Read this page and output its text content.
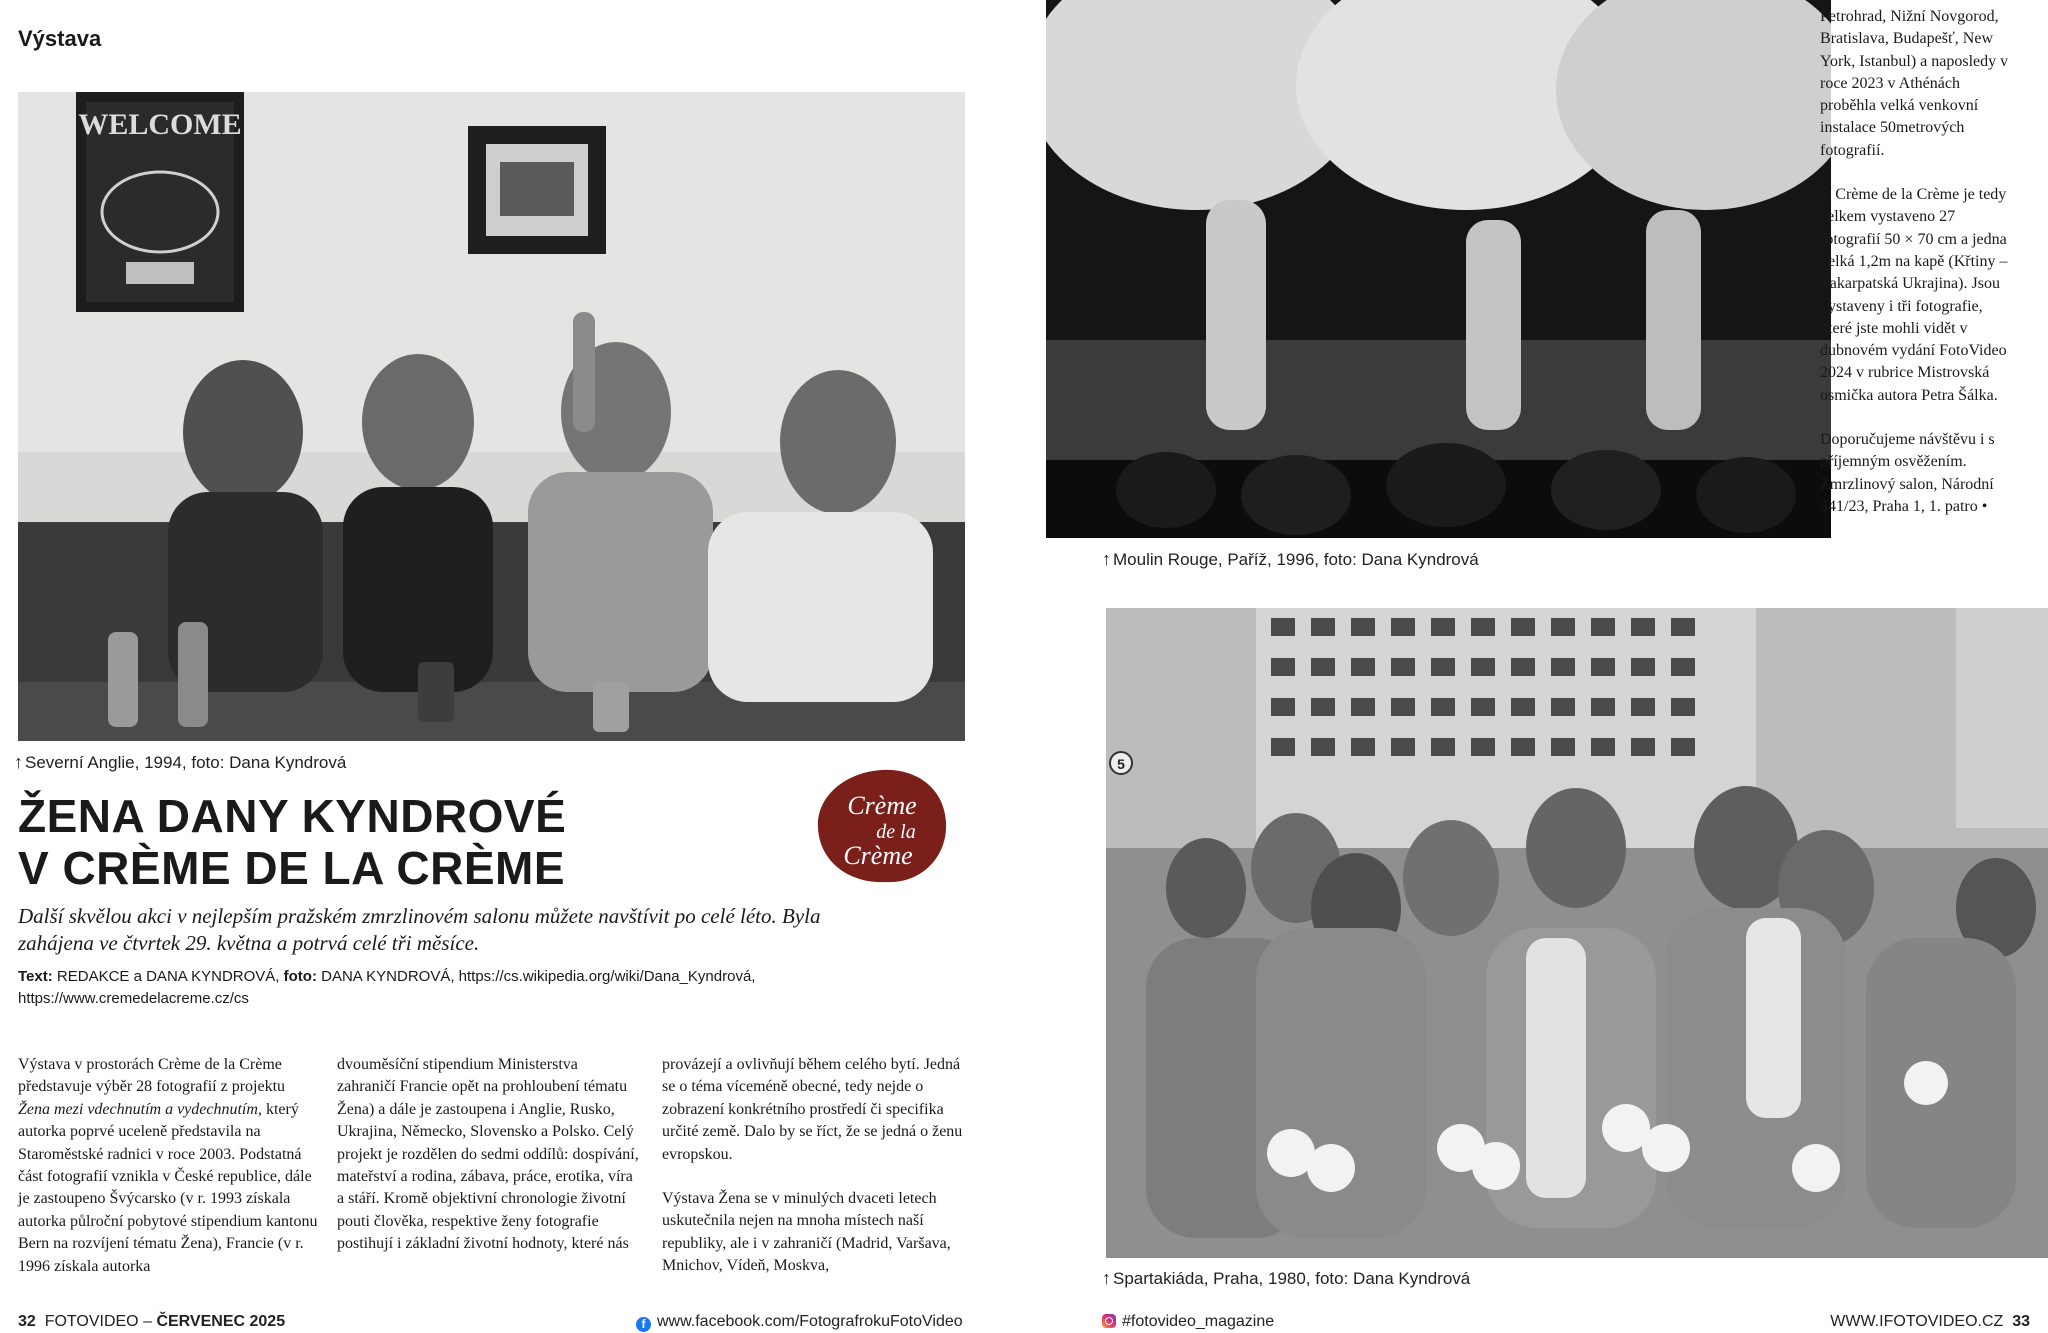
Výstava
WELCOME
↑ Severní Anglie, 1994, foto: Dana Kyndrová
↑ Moulin Rouge, Paříž, 1996, foto: Dana Kyndrová

Petrohrad, Nižní Novgorod, Bratislava, Budapešť, New York, Istanbul) a naposledy v roce 2023 v Athénách proběhla velká venkovní instalace 50metrových fotografií.

V Crème de la Crème je tedy celkem vystaveno 27 fotografií 50 × 70 cm a jedna velká 1,2m na kapě (Křtiny – Zakarpatská Ukrajina). Jsou vystaveny i tři fotografie, které jste mohli vidět v dubnovém vydání FotoVideo 2024 v rubrice Mistrovská osmička autora Petra Šálka.

Doporučujeme návštěvu i s příjemným osvěžením. Zmrzlinový salon, Národní 341/23, Praha 1, 1. patro •

5
↑ Spartakiáda, Praha, 1980, foto: Dana Kyndrová
ŽENA DANY KYNDROVÉ
V CRÈME DE LA CRÈME
Crème
de la
Crème
Další skvělou akci v nejlepším pražském zmrzlinovém salonu můžete navštívit po celé léto. Byla zahájena ve čtvrtek 29. května a potrvá celé tři měsíce.
Text: REDAKCE a DANA KYNDROVÁ, foto: DANA KYNDROVÁ, https://cs.wikipedia.org/wiki/Dana_Kyndrová, https://www.cremedelacreme.cz/cs

Výstava v prostorách Crème de la Crème představuje výběr 28 fotografií z projektu Žena mezi vdechnutím a vydechnutím, který autorka poprvé uceleně představila na Staroměstské radnici v roce 2003. Podstatná část fotografií vznikla v České republice, dále je zastoupeno Švýcarsko (v r. 1993 získala autorka půlroční pobytové stipendium kantonu Bern na rozvíjení tématu Žena), Francie (v r. 1996 získala autorka

dvouměsíční stipendium Ministerstva zahraničí Francie opět na prohloubení tématu Žena) a dále je zastoupena i Anglie, Rusko, Ukrajina, Německo, Slovensko a Polsko. Celý projekt je rozdělen do sedmi oddílů: dospívání, mateřství a rodina, zábava, práce, erotika, víra a stáří. Kromě objektivní chronologie životní pouti člověka, respektive ženy fotografie postihují i základní životní hodnoty, které nás

provázejí a ovlivňují během celého bytí. Jedná se o téma víceméně obecné, tedy nejde o zobrazení konkrétního prostředí či specifika určité země. Dalo by se říct, že se jedná o ženu evropskou.

Výstava Žena se v minulých dvaceti letech uskutečnila nejen na mnoha místech naší republiky, ale i v zahraničí (Madrid, Varšava, Mnichov, Vídeň, Moskva,

32 FOTOVIDEO – ČERVENEC 2025	f www.facebook.com/FotografrokuFotoVideo	#fotovideo_magazine	WWW.IFOTOVIDEO.CZ 33
